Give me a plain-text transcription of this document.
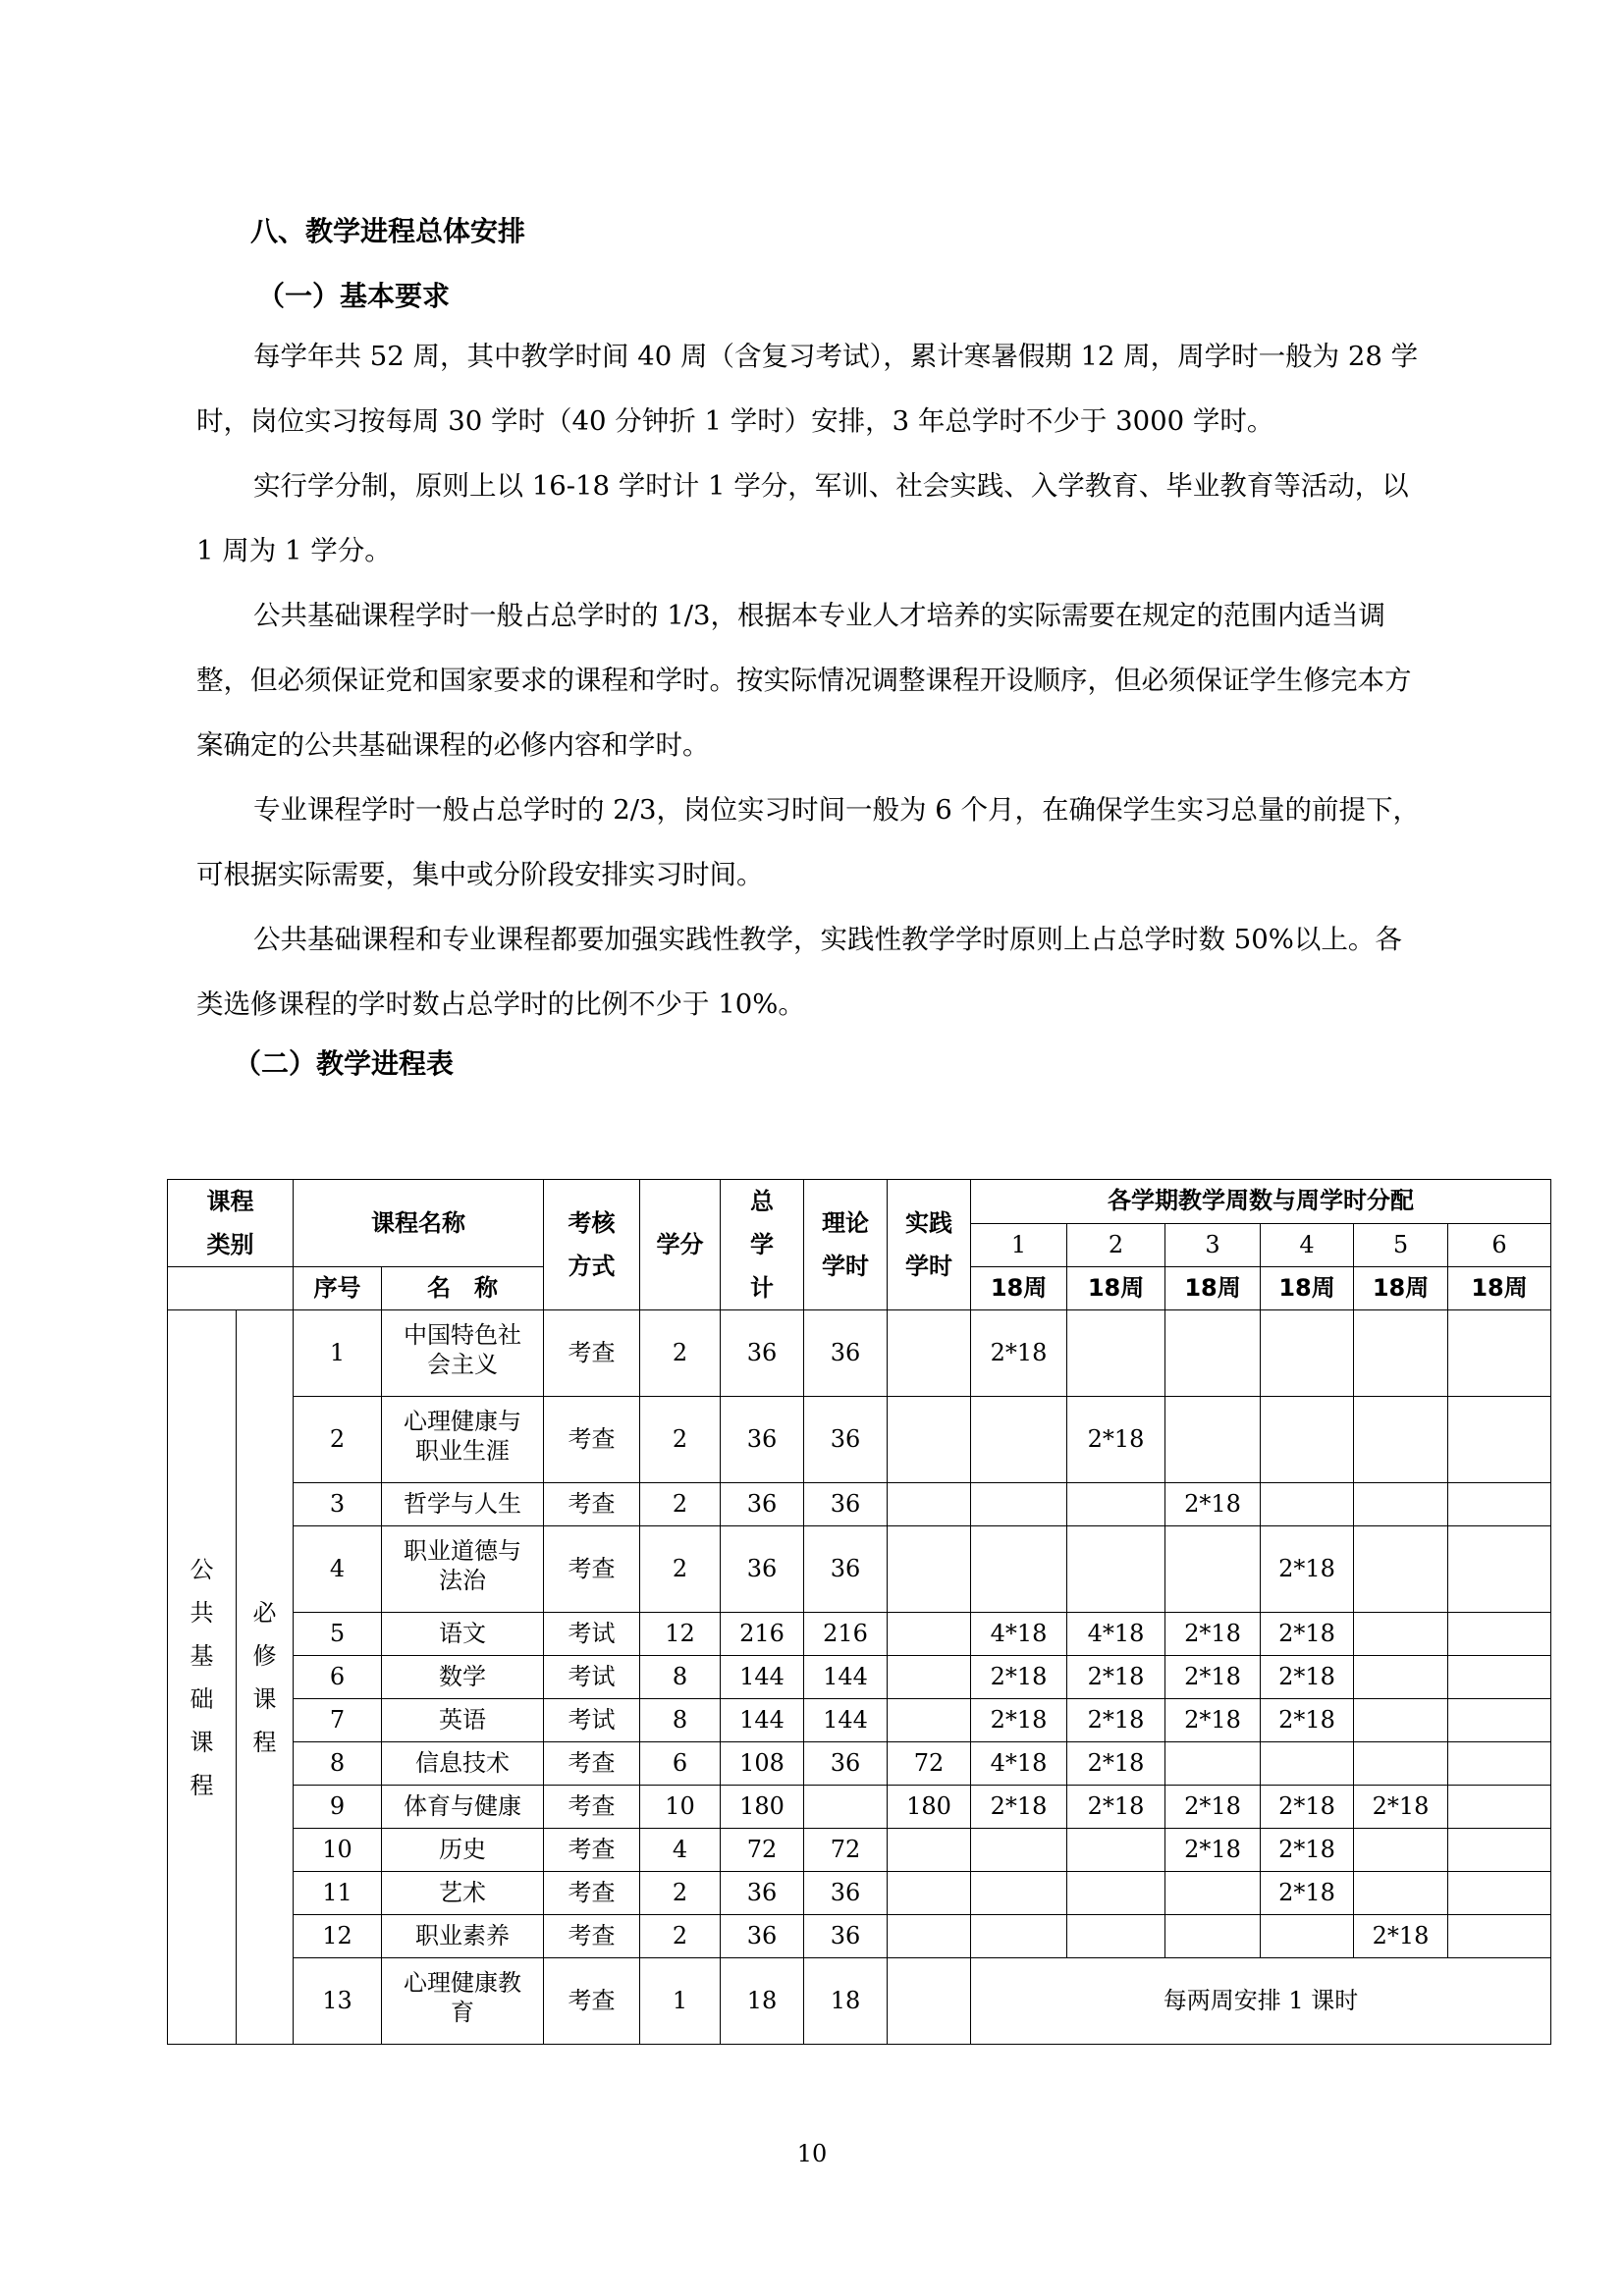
八、教学进程总体安排
（一）基本要求

每学年共 52 周，其中教学时间 40 周（含复习考试），累计寒暑假期 12 周，周学时一般为 28 学时，岗位实习按每周 30 学时（40 分钟折 1 学时）安排，3 年总学时不少于 3000 学时。

实行学分制，原则上以 16-18 学时计 1 学分，军训、社会实践、入学教育、毕业教育等活动，以 1 周为 1 学分。

公共基础课程学时一般占总学时的 1/3，根据本专业人才培养的实际需要在规定的范围内适当调整，但必须保证党和国家要求的课程和学时。按实际情况调整课程开设顺序，但必须保证学生修完本方案确定的公共基础课程的必修内容和学时。

专业课程学时一般占总学时的 2/3，岗位实习时间一般为 6 个月，在确保学生实习总量的前提下，可根据实际需要，集中或分阶段安排实习时间。

公共基础课程和专业课程都要加强实践性教学，实践性教学学时原则上占总学时数 50%以上。各类选修课程的学时数占总学时的比例不少于 10%。

（二）教学进程表
课程类别		课程名称		考核方式	学分	总学计	理论学时	实践学时	各学期教学周数与周学时分配					
									1	2	3	4	5	6
		序号	名　称						18周	18周	18周	18周	18周	18周
公共基础课程	必修课程	1	中国特色社会主义	考查	2	36	36		2*18					
		2	心理健康与职业生涯	考查	2	36	36			2*18				
		3	哲学与人生	考查	2	36	36				2*18			
		4	职业道德与法治	考查	2	36	36					2*18		
		5	语文	考试	12	216	216		4*18	4*18	2*18	2*18		
		6	数学	考试	8	144	144		2*18	2*18	2*18	2*18		
		7	英语	考试	8	144	144		2*18	2*18	2*18	2*18		
		8	信息技术	考查	6	108	36	72	4*18	2*18				
		9	体育与健康	考查	10	180		180	2*18	2*18	2*18	2*18	2*18	
		10	历史	考查	4	72	72				2*18	2*18		
		11	艺术	考查	2	36	36					2*18		
		12	职业素养	考查	2	36	36						2*18	
		13	心理健康教育	考查	1	18	18		每两周安排 1 课时					
10
